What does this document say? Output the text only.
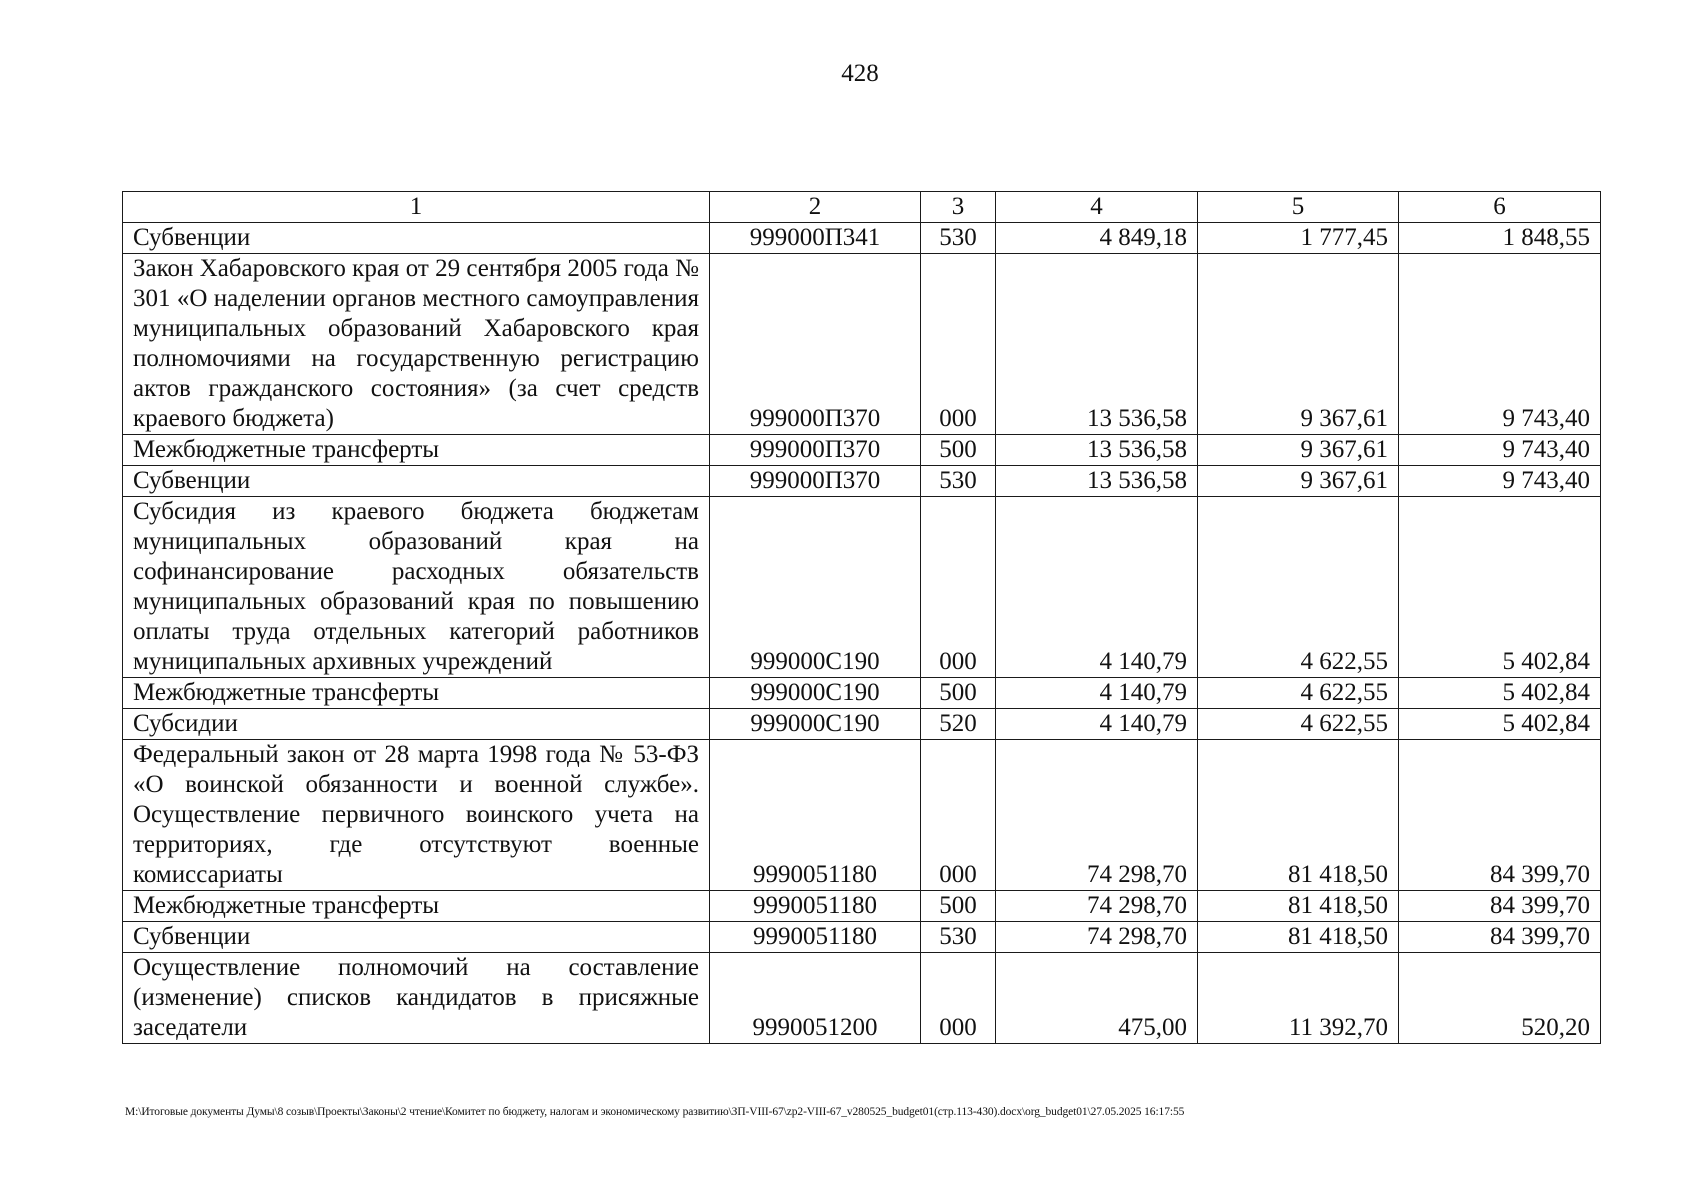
428
1	2	3	4	5	6
Субвенции	999000П341	530	4 849,18	1 777,45	1 848,55
Закон Хабаровского края от 29 сентября 2005 года № 301 «О наделении органов местного самоуправления муниципальных образований Хабаровского края полномочиями на государственную регистрацию актов гражданского состояния» (за счет средств краевого бюджета)	999000П370	000	13 536,58	9 367,61	9 743,40
Межбюджетные трансферты	999000П370	500	13 536,58	9 367,61	9 743,40
Субвенции	999000П370	530	13 536,58	9 367,61	9 743,40
Субсидия из краевого бюджета бюджетам муниципальных образований края на софинансирование расходных обязательств муниципальных образований края по повышению оплаты труда отдельных категорий работников муниципальных архивных учреждений	999000С190	000	4 140,79	4 622,55	5 402,84
Межбюджетные трансферты	999000С190	500	4 140,79	4 622,55	5 402,84
Субсидии	999000С190	520	4 140,79	4 622,55	5 402,84
Федеральный закон от 28 марта 1998 года № 53-ФЗ «О воинской обязанности и военной службе». Осуществление первичного воинского учета на территориях, где отсутствуют военные комиссариаты	9990051180	000	74 298,70	81 418,50	84 399,70
Межбюджетные трансферты	9990051180	500	74 298,70	81 418,50	84 399,70
Субвенции	9990051180	530	74 298,70	81 418,50	84 399,70
Осуществление полномочий на составление (изменение) списков кандидатов в присяжные заседатели	9990051200	000	475,00	11 392,70	520,20
М:\Итоговые документы Думы\8 созыв\Проекты\Законы\2 чтение\Комитет по бюджету, налогам и экономическому развитию\ЗП-VIII-67\zp2-VIII-67_v280525_budget01(стр.113-430).docx\org_budget01\27.05.2025 16:17:55
